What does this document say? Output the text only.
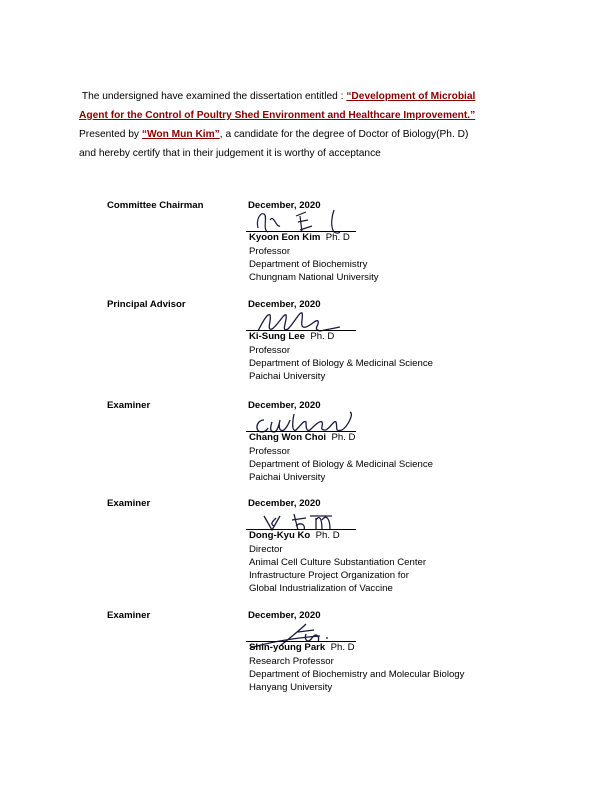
The undersigned have examined the dissertation entitled : “Development of Microbial
Agent for the Control of Poultry Shed Environment and Healthcare Improvement.”
Presented by “Won Mun Kim”, a candidate for the degree of Doctor of Biology(Ph. D)
and hereby certify that in their judgement it is worthy of acceptance
Committee Chairman	December, 2020
Kyoon Eon Kim Ph. D
Professor
Department of Biochemistry
Chungnam National University
Principal Advisor	December, 2020
Ki-Sung Lee Ph. D
Professor
Department of Biology & Medicinal Science
Paichai University
Examiner	December, 2020
Chang Won Choi Ph. D
Professor
Department of Biology & Medicinal Science
Paichai University
Examiner	December, 2020
Dong-Kyu Ko Ph. D
Director
Animal Cell Culture Substantiation Center
Infrastructure Project Organization for
Global Industrialization of Vaccine
Examiner	December, 2020
Shin-young Park Ph. D
Research Professor
Department of Biochemistry and Molecular Biology
Hanyang University
